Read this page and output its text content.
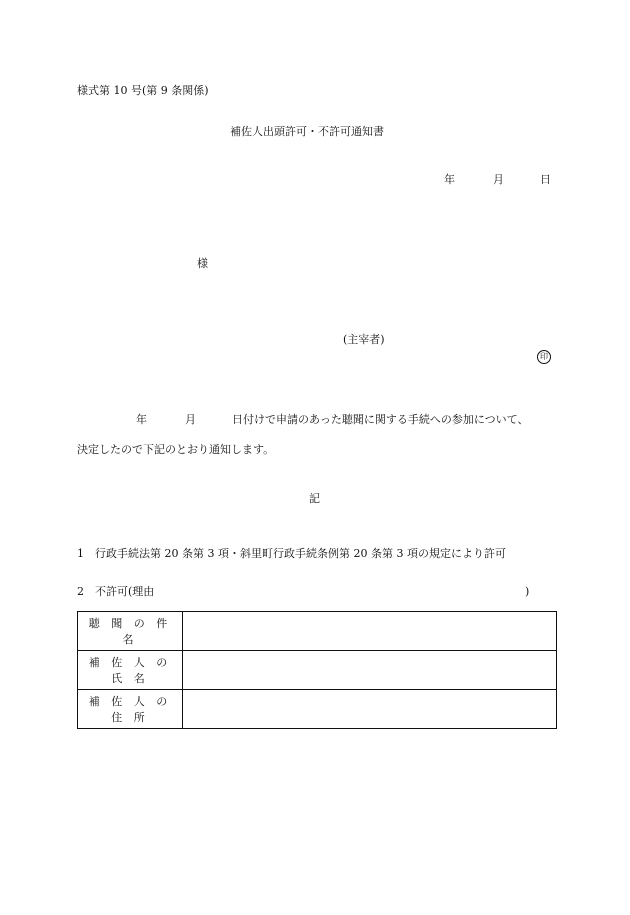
様式第 10 号(第 9 条関係)
補佐人出頭許可・不許可通知書
年	月	日
様
(主宰者)
印
年	月	日付けで申請のあった聴聞に関する手続への参加について、
決定したので下記のとおり通知します。
記
1　行政手続法第 20 条第 3 項・斜里町行政手続条例第 20 条第 3 項の規定により許可
2　不許可(理由	)
聴 聞 の 件 名	
補 佐 人 の 氏 名	
補 佐 人 の 住 所	
